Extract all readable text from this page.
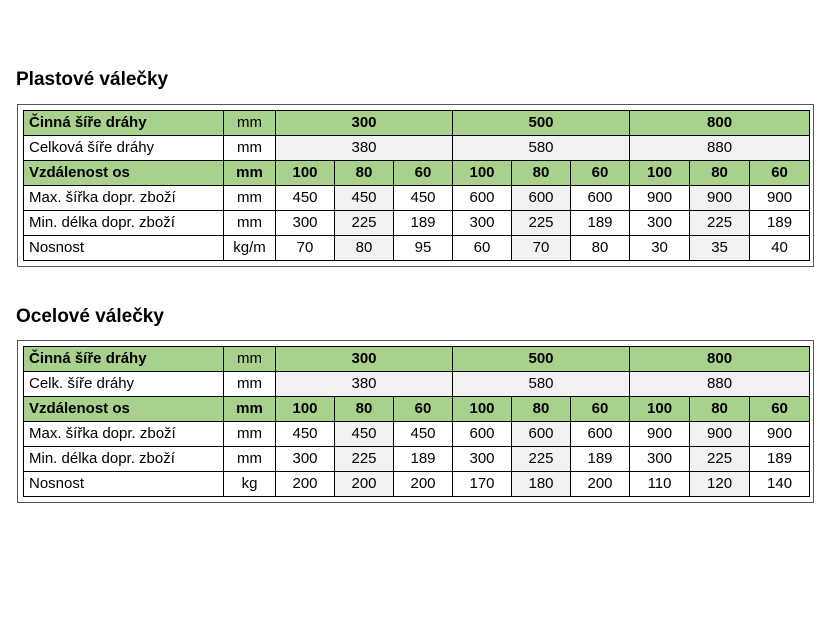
Plastové válečky
Činná šíře dráhy	mm	300			500			800		
Celková šíře dráhy	mm	380			580			880		
Vzdálenost os	mm	100	80	60	100	80	60	100	80	60
Max. šířka dopr. zboží	mm	450	450	450	600	600	600	900	900	900
Min. délka dopr. zboží	mm	300	225	189	300	225	189	300	225	189
Nosnost	kg/m	70	80	95	60	70	80	30	35	40
Ocelové válečky
Činná šíře dráhy	mm	300			500			800		
Celk. šíře dráhy	mm	380			580			880		
Vzdálenost os	mm	100	80	60	100	80	60	100	80	60
Max. šířka dopr. zboží	mm	450	450	450	600	600	600	900	900	900
Min. délka dopr. zboží	mm	300	225	189	300	225	189	300	225	189
Nosnost	kg	200	200	200	170	180	200	110	120	140
